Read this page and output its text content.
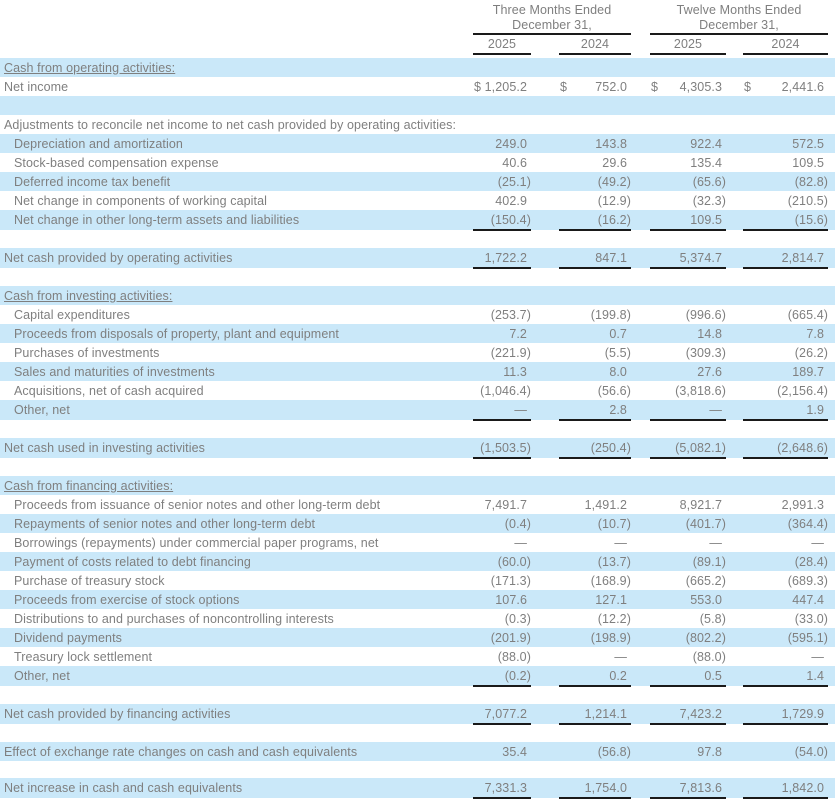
Three Months Ended
December 31,

Twelve Months Ended
December 31,

	2025		2024		2025		2024	

Cash from operating activities:								
Net income	$ 1,205.2		$ 752.0		$ 4,305.3		$ 2,441.6	

Adjustments to reconcile net income to net cash provided by operating activities:								
Depreciation and amortization	249.0		143.8		922.4		572.5	
Stock-based compensation expense	40.6		29.6		135.4		109.5	
Deferred income tax benefit	(25.1)		(49.2)		(65.6)		(82.8)	
Net change in components of working capital	402.9		(12.9)		(32.3)		(210.5)	
Net change in other long-term assets and liabilities	(150.4)		(16.2)		109.5		(15.6)	

Net cash provided by operating activities	1,722.2		847.1		5,374.7		2,814.7	

Cash from investing activities:								
Capital expenditures	(253.7)		(199.8)		(996.6)		(665.4)	
Proceeds from disposals of property, plant and equipment	7.2		0.7		14.8		7.8	
Purchases of investments	(221.9)		(5.5)		(309.3)		(26.2)	
Sales and maturities of investments	11.3		8.0		27.6		189.7	
Acquisitions, net of cash acquired	(1,046.4)		(56.6)		(3,818.6)		(2,156.4)	
Other, net	—		2.8		—		1.9	

Net cash used in investing activities	(1,503.5)		(250.4)		(5,082.1)		(2,648.6)	

Cash from financing activities:								
Proceeds from issuance of senior notes and other long-term debt	7,491.7		1,491.2		8,921.7		2,991.3	
Repayments of senior notes and other long-term debt	(0.4)		(10.7)		(401.7)		(364.4)	
Borrowings (repayments) under commercial paper programs, net	—		—		—		—	
Payment of costs related to debt financing	(60.0)		(13.7)		(89.1)		(28.4)	
Purchase of treasury stock	(171.3)		(168.9)		(665.2)		(689.3)	
Proceeds from exercise of stock options	107.6		127.1		553.0		447.4	
Distributions to and purchases of noncontrolling interests	(0.3)		(12.2)		(5.8)		(33.0)	
Dividend payments	(201.9)		(198.9)		(802.2)		(595.1)	
Treasury lock settlement	(88.0)		—		(88.0)		—	
Other, net	(0.2)		0.2		0.5		1.4	

Net cash provided by financing activities	7,077.2		1,214.1		7,423.2		1,729.9	

Effect of exchange rate changes on cash and cash equivalents	35.4		(56.8)		97.8		(54.0)	

Net increase in cash and cash equivalents	7,331.3		1,754.0		7,813.6		1,842.0	
